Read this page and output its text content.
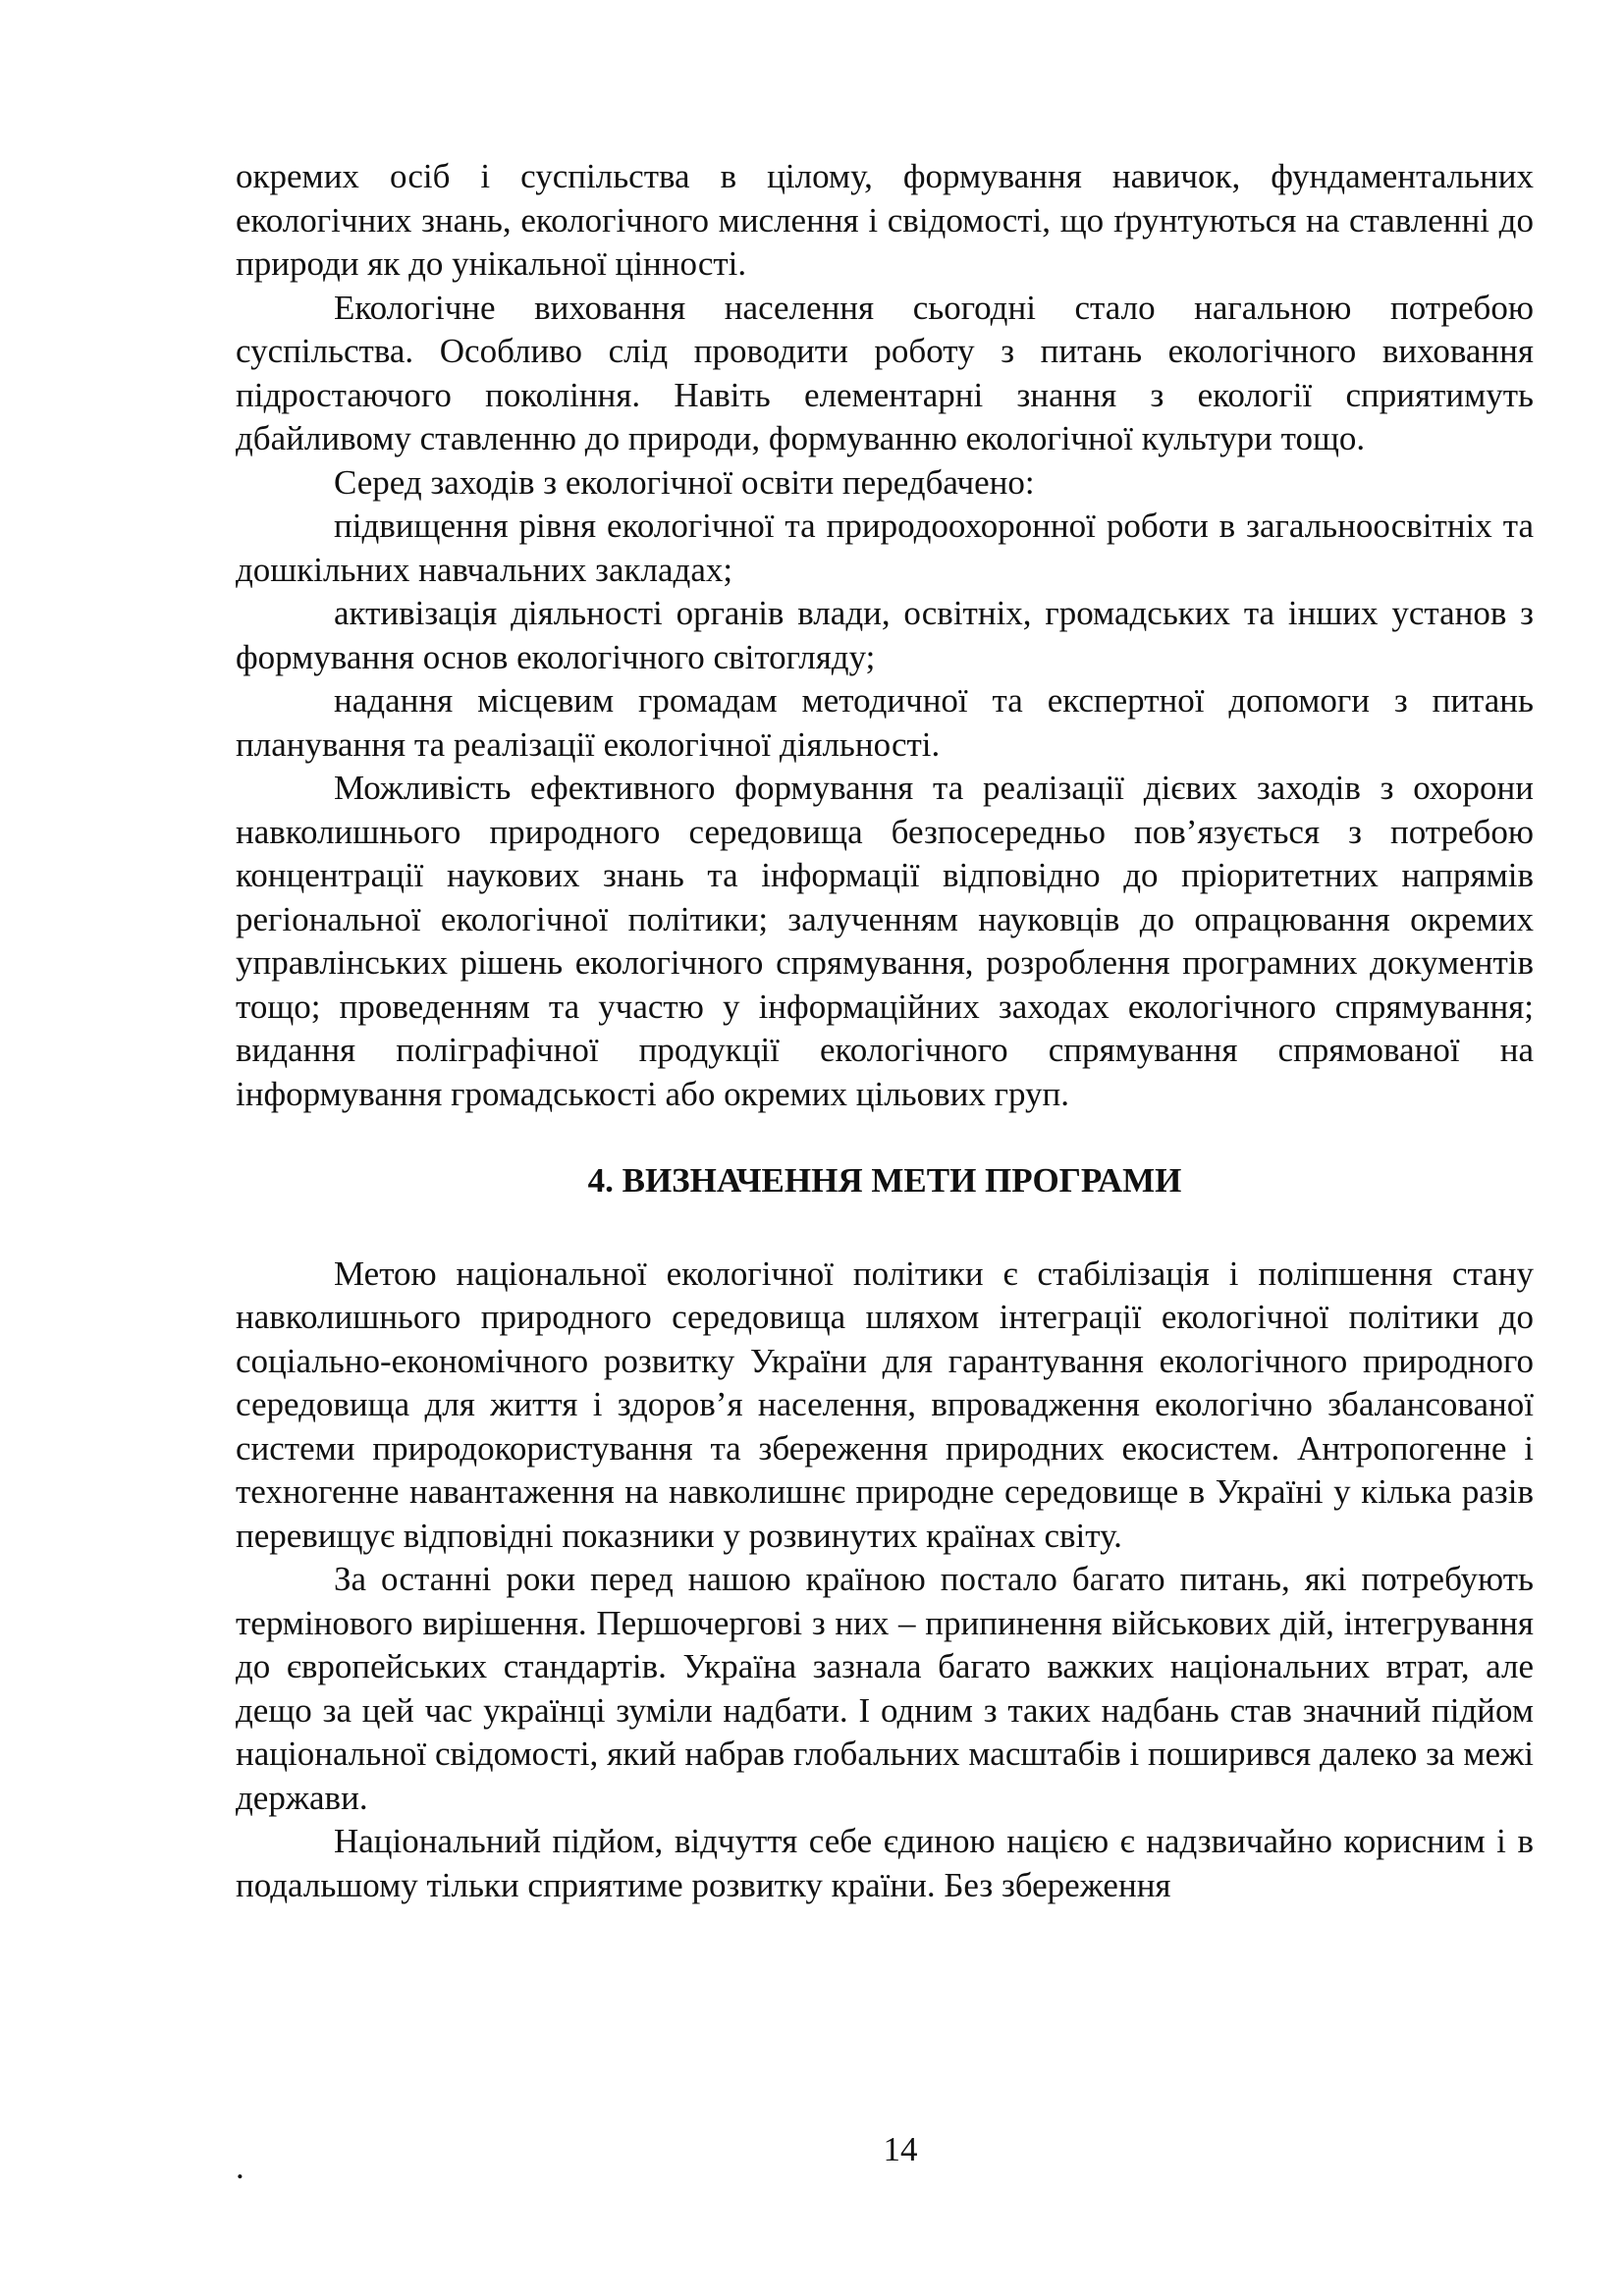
окремих осіб і суспільства в цілому, формування навичок, фундаментальних екологічних знань, екологічного мислення і свідомості, що ґрунтуються на ставленні до природи як до унікальної цінності.

Екологічне виховання населення сьогодні стало нагальною потребою суспільства. Особливо слід проводити роботу з питань екологічного виховання підростаючого покоління. Навіть елементарні знання з екології сприятимуть дбайливому ставленню до природи, формуванню екологічної культури тощо.

Серед заходів з екологічної освіти передбачено:

підвищення рівня екологічної та природоохоронної роботи в загальноосвітніх та дошкільних навчальних закладах;

активізація діяльності органів влади, освітніх, громадських та інших установ з формування основ екологічного світогляду;

надання місцевим громадам методичної та експертної допомоги з питань планування та реалізації екологічної діяльності.

Можливість ефективного формування та реалізації дієвих заходів з охорони навколишнього природного середовища безпосередньо пов’язується з потребою концентрації наукових знань та інформації відповідно до пріоритетних напрямів регіональної екологічної політики; залученням науковців до опрацювання окремих управлінських рішень екологічного спрямування, розроблення програмних документів тощо; проведенням та участю у інформаційних заходах екологічного спрямування; видання поліграфічної продукції екологічного спрямування спрямованої на інформування громадськості або окремих цільових груп.

4. ВИЗНАЧЕННЯ МЕТИ ПРОГРАМИ

Метою національної екологічної політики є стабілізація і поліпшення стану навколишнього природного середовища шляхом інтеграції екологічної політики до соціально-економічного розвитку України для гарантування екологічного природного середовища для життя і здоров’я населення, впровадження екологічно збалансованої системи природокористування та збереження природних екосистем. Антропогенне і техногенне навантаження на навколишнє природне середовище в Україні у кілька разів перевищує відповідні показники у розвинутих країнах світу.

За останні роки перед нашою країною постало багато питань, які потребують термінового вирішення. Першочергові з них – припинення військових дій, інтегрування до європейських стандартів. Україна зазнала багато важких національних втрат, але дещо за цей час українці зуміли надбати. І одним з таких надбань став значний підйом національної свідомості, який набрав глобальних масштабів і поширився далеко за межі держави.

Національний підйом, відчуття себе єдиною нацією є надзвичайно корисним і в подальшому тільки сприятиме розвитку країни. Без збереження

.	14
